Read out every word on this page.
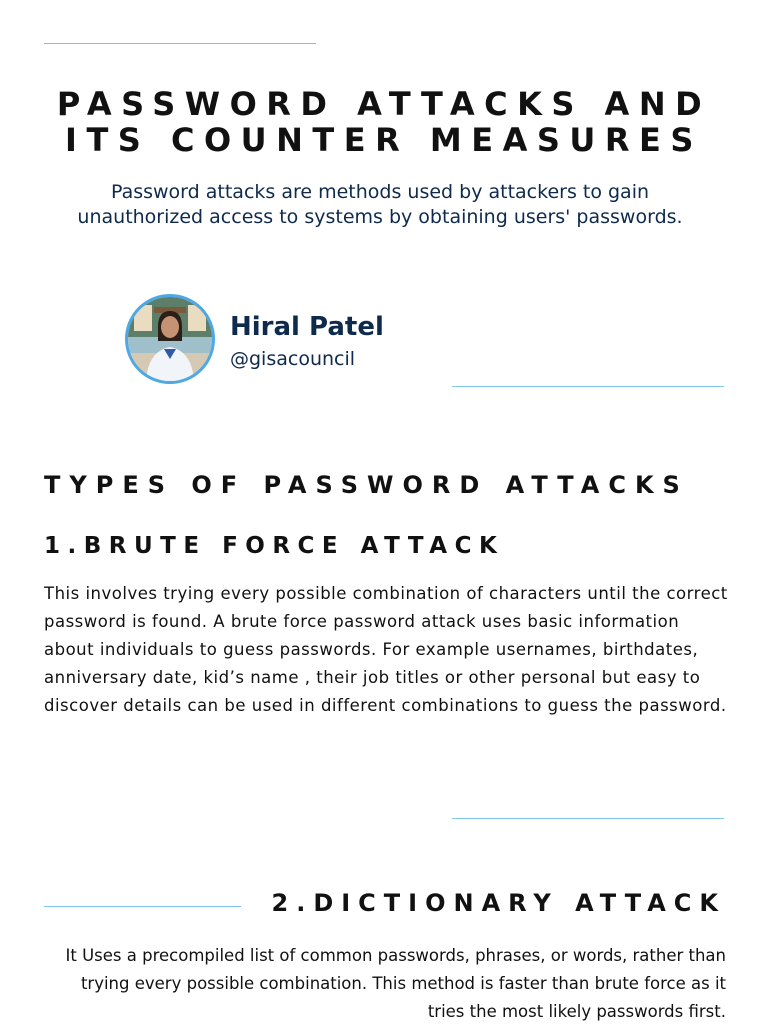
PASSWORD ATTACKS AND
ITS COUNTER MEASURES

Password attacks are methods used by attackers to gain unauthorized access to systems by obtaining users' passwords.

Hiral Patel
@gisacouncil
TYPES OF PASSWORD ATTACKS
1.BRUTE FORCE ATTACK

This involves trying every possible combination of characters until the correct password is found. A brute force password attack uses basic information about individuals to guess passwords. For example usernames, birthdates, anniversary date, kid’s name , their job titles or other personal but easy to discover details can be used in different combinations to guess the password.

2.DICTIONARY ATTACK

It Uses a precompiled list of common passwords, phrases, or words, rather than trying every possible combination. This method is faster than brute force as it tries the most likely passwords first.
